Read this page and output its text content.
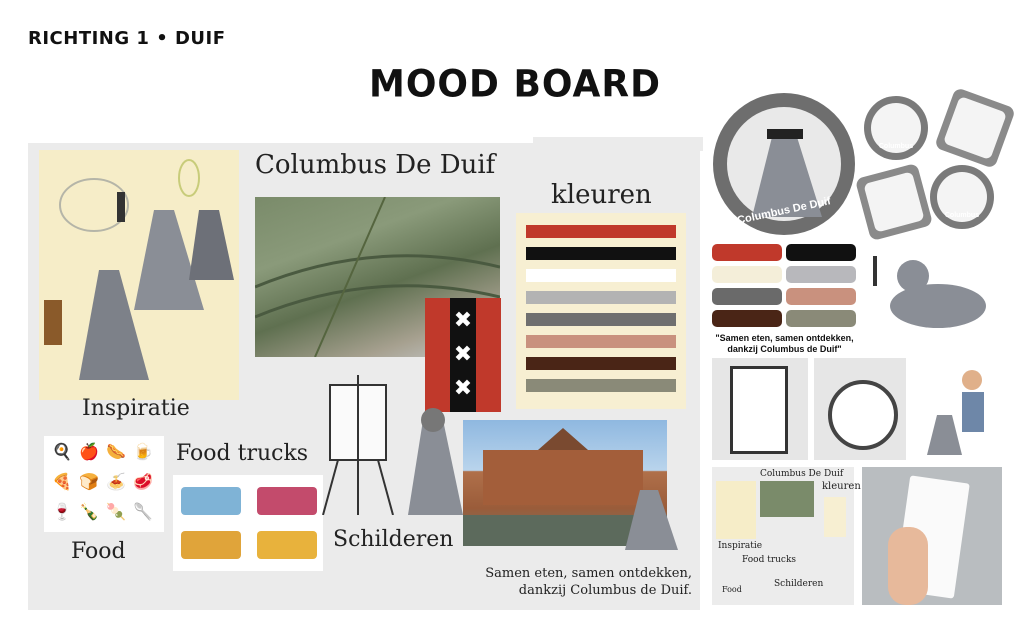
RICHTING 1 • DUIF
MOOD BOARD
Inspiratie
Columbus De Duif
✖
✖
✖
kleuren
🍳 🍎 🌭 🍺
🍕 🍞 🍝 🥩
🍷 🍾 🍡 🥄
Food
Food trucks
Schilderen
Samen eten, samen ontdekken,
dankzij Columbus de Duif.
Columbus De Duif
Columbus
Columbus
"Samen eten, samen ontdekken,
dankzij Columbus de Duif"
Columbus De Duif
kleuren
Inspiratie
Food trucks
Food
Schilderen
